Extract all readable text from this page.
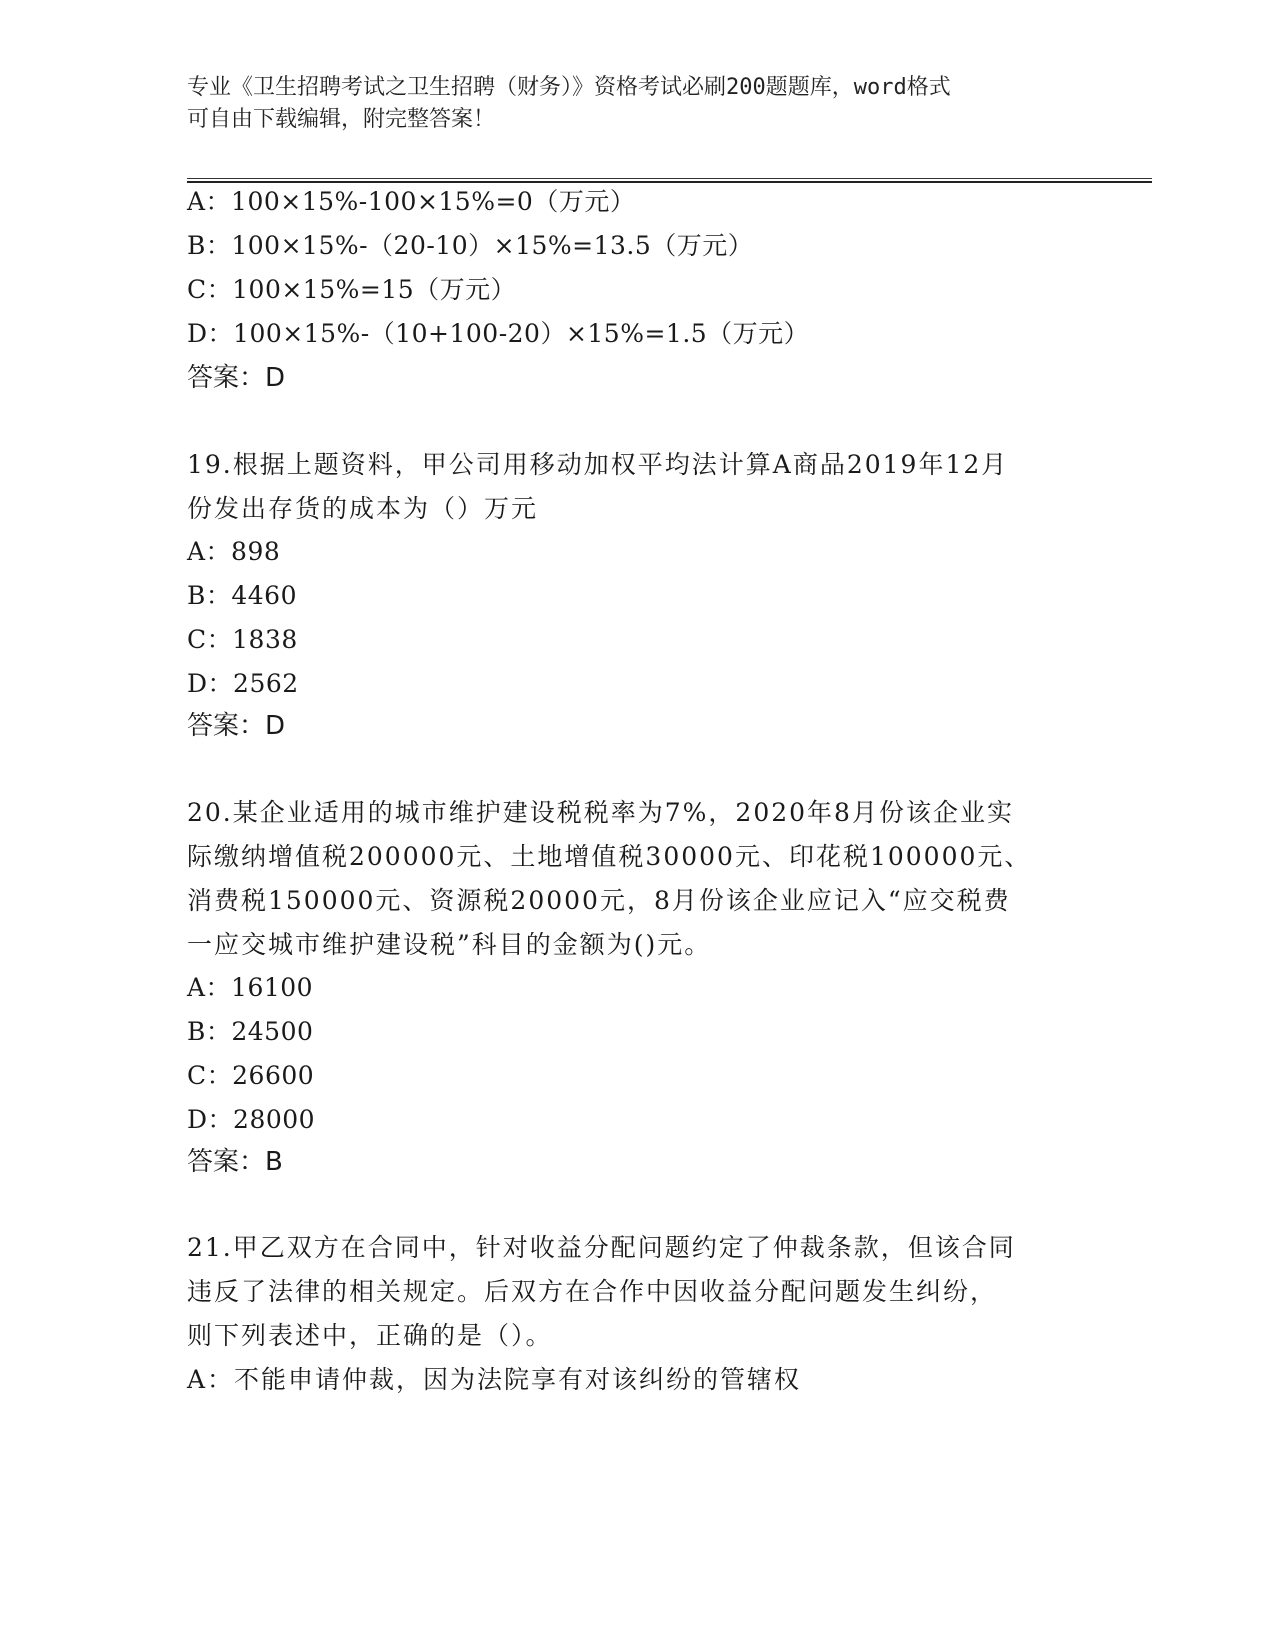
专业《卫生招聘考试之卫生招聘（财务）》资格考试必刷200题题库，word格式
可自由下载编辑，附完整答案！
A：100×15%-100×15%=0（万元）
B：100×15%-（20-10）×15%=13.5（万元）
C：100×15%=15（万元）
D：100×15%-（10+100-20）×15%=1.5（万元）
答案：D
19.根据上题资料，甲公司用移动加权平均法计算A商品2019年12月
份发出存货的成本为（）万元
A：898
B：4460
C：1838
D：2562
答案：D
20.某企业适用的城市维护建设税税率为7%，2020年8月份该企业实
际缴纳增值税200000元、土地增值税30000元、印花税100000元、
消费税150000元、资源税20000元，8月份该企业应记入“应交税费
一应交城市维护建设税”科目的金额为()元。
A：16100
B：24500
C：26600
D：28000
答案：B
21.甲乙双方在合同中，针对收益分配问题约定了仲裁条款，但该合同
违反了法律的相关规定。后双方在合作中因收益分配问题发生纠纷，
则下列表述中，正确的是（）。
A：不能申请仲裁，因为法院享有对该纠纷的管辖权
